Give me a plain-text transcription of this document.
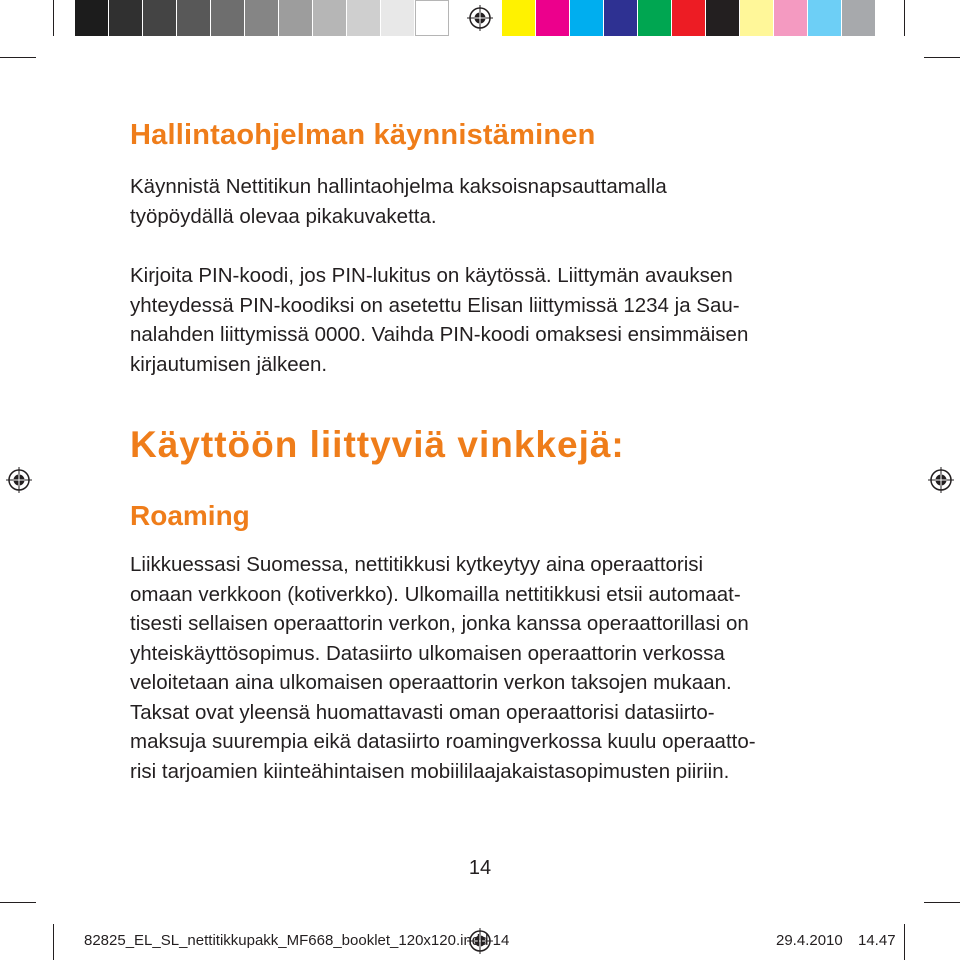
Hallintaohjelman käynnistäminen

Käynnistä Nettitikun hallintaohjelma kaksoisnapsauttamalla
työpöydällä olevaa pikakuvaketta.

Kirjoita PIN-koodi, jos PIN-lukitus on käytössä. Liittymän avauksen
yhteydessä PIN-koodiksi on asetettu Elisan liittymissä 1234 ja Sau-
nalahden liittymissä 0000. Vaihda PIN-koodi omaksesi ensimmäisen
kirjautumisen jälkeen.

Käyttöön liittyviä vinkkejä:
Roaming

Liikkuessasi Suomessa, nettitikkusi kytkeytyy aina operaattorisi
omaan verkkoon (kotiverkko). Ulkomailla nettitikkusi etsii automaat-
tisesti sellaisen operaattorin verkon, jonka kanssa operaattorillasi on
yhteiskäyttösopimus. Datasiirto ulkomaisen operaattorin verkossa
veloitetaan aina ulkomaisen operaattorin verkon taksojen mukaan.
Taksat ovat yleensä huomattavasti oman operaattorisi datasiirto-
maksuja suurempia eikä datasiirto roamingverkossa kuulu operaatto-
risi tarjoamien kiinteähintaisen mobiililaajakaistasopimusten piiriin.

14
82825_EL_SL_nettitikkupakk_MF668_booklet_120x120.indd 14	29.4.2010 14.47
